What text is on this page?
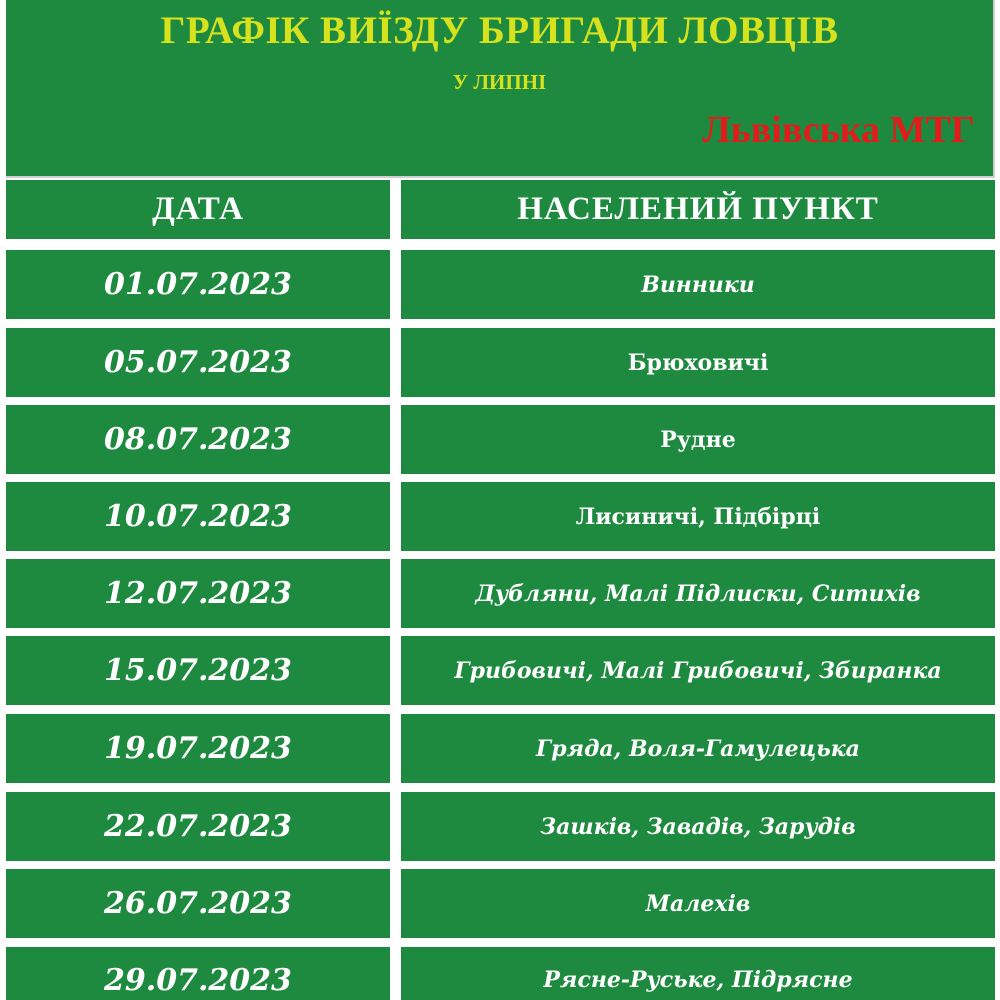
ГРАФІК ВИЇЗДУ БРИГАДИ ЛОВЦІВ
У ЛИПНІ
Львівська МТГ
ДАТА	НАСЕЛЕНИЙ ПУНКТ
01.07.2023	Винники
05.07.2023	Брюховичі
08.07.2023	Рудне
10.07.2023	Лисиничі, Підбірці
12.07.2023	Дубляни, Малі Підлиски, Ситихів
15.07.2023	Грибовичі, Малі Грибовичі, Збиранка
19.07.2023	Гряда, Воля-Гамулецька
22.07.2023	Зашків, Завадів, Зарудів
26.07.2023	Малехів
29.07.2023	Рясне-Руське, Підрясне
